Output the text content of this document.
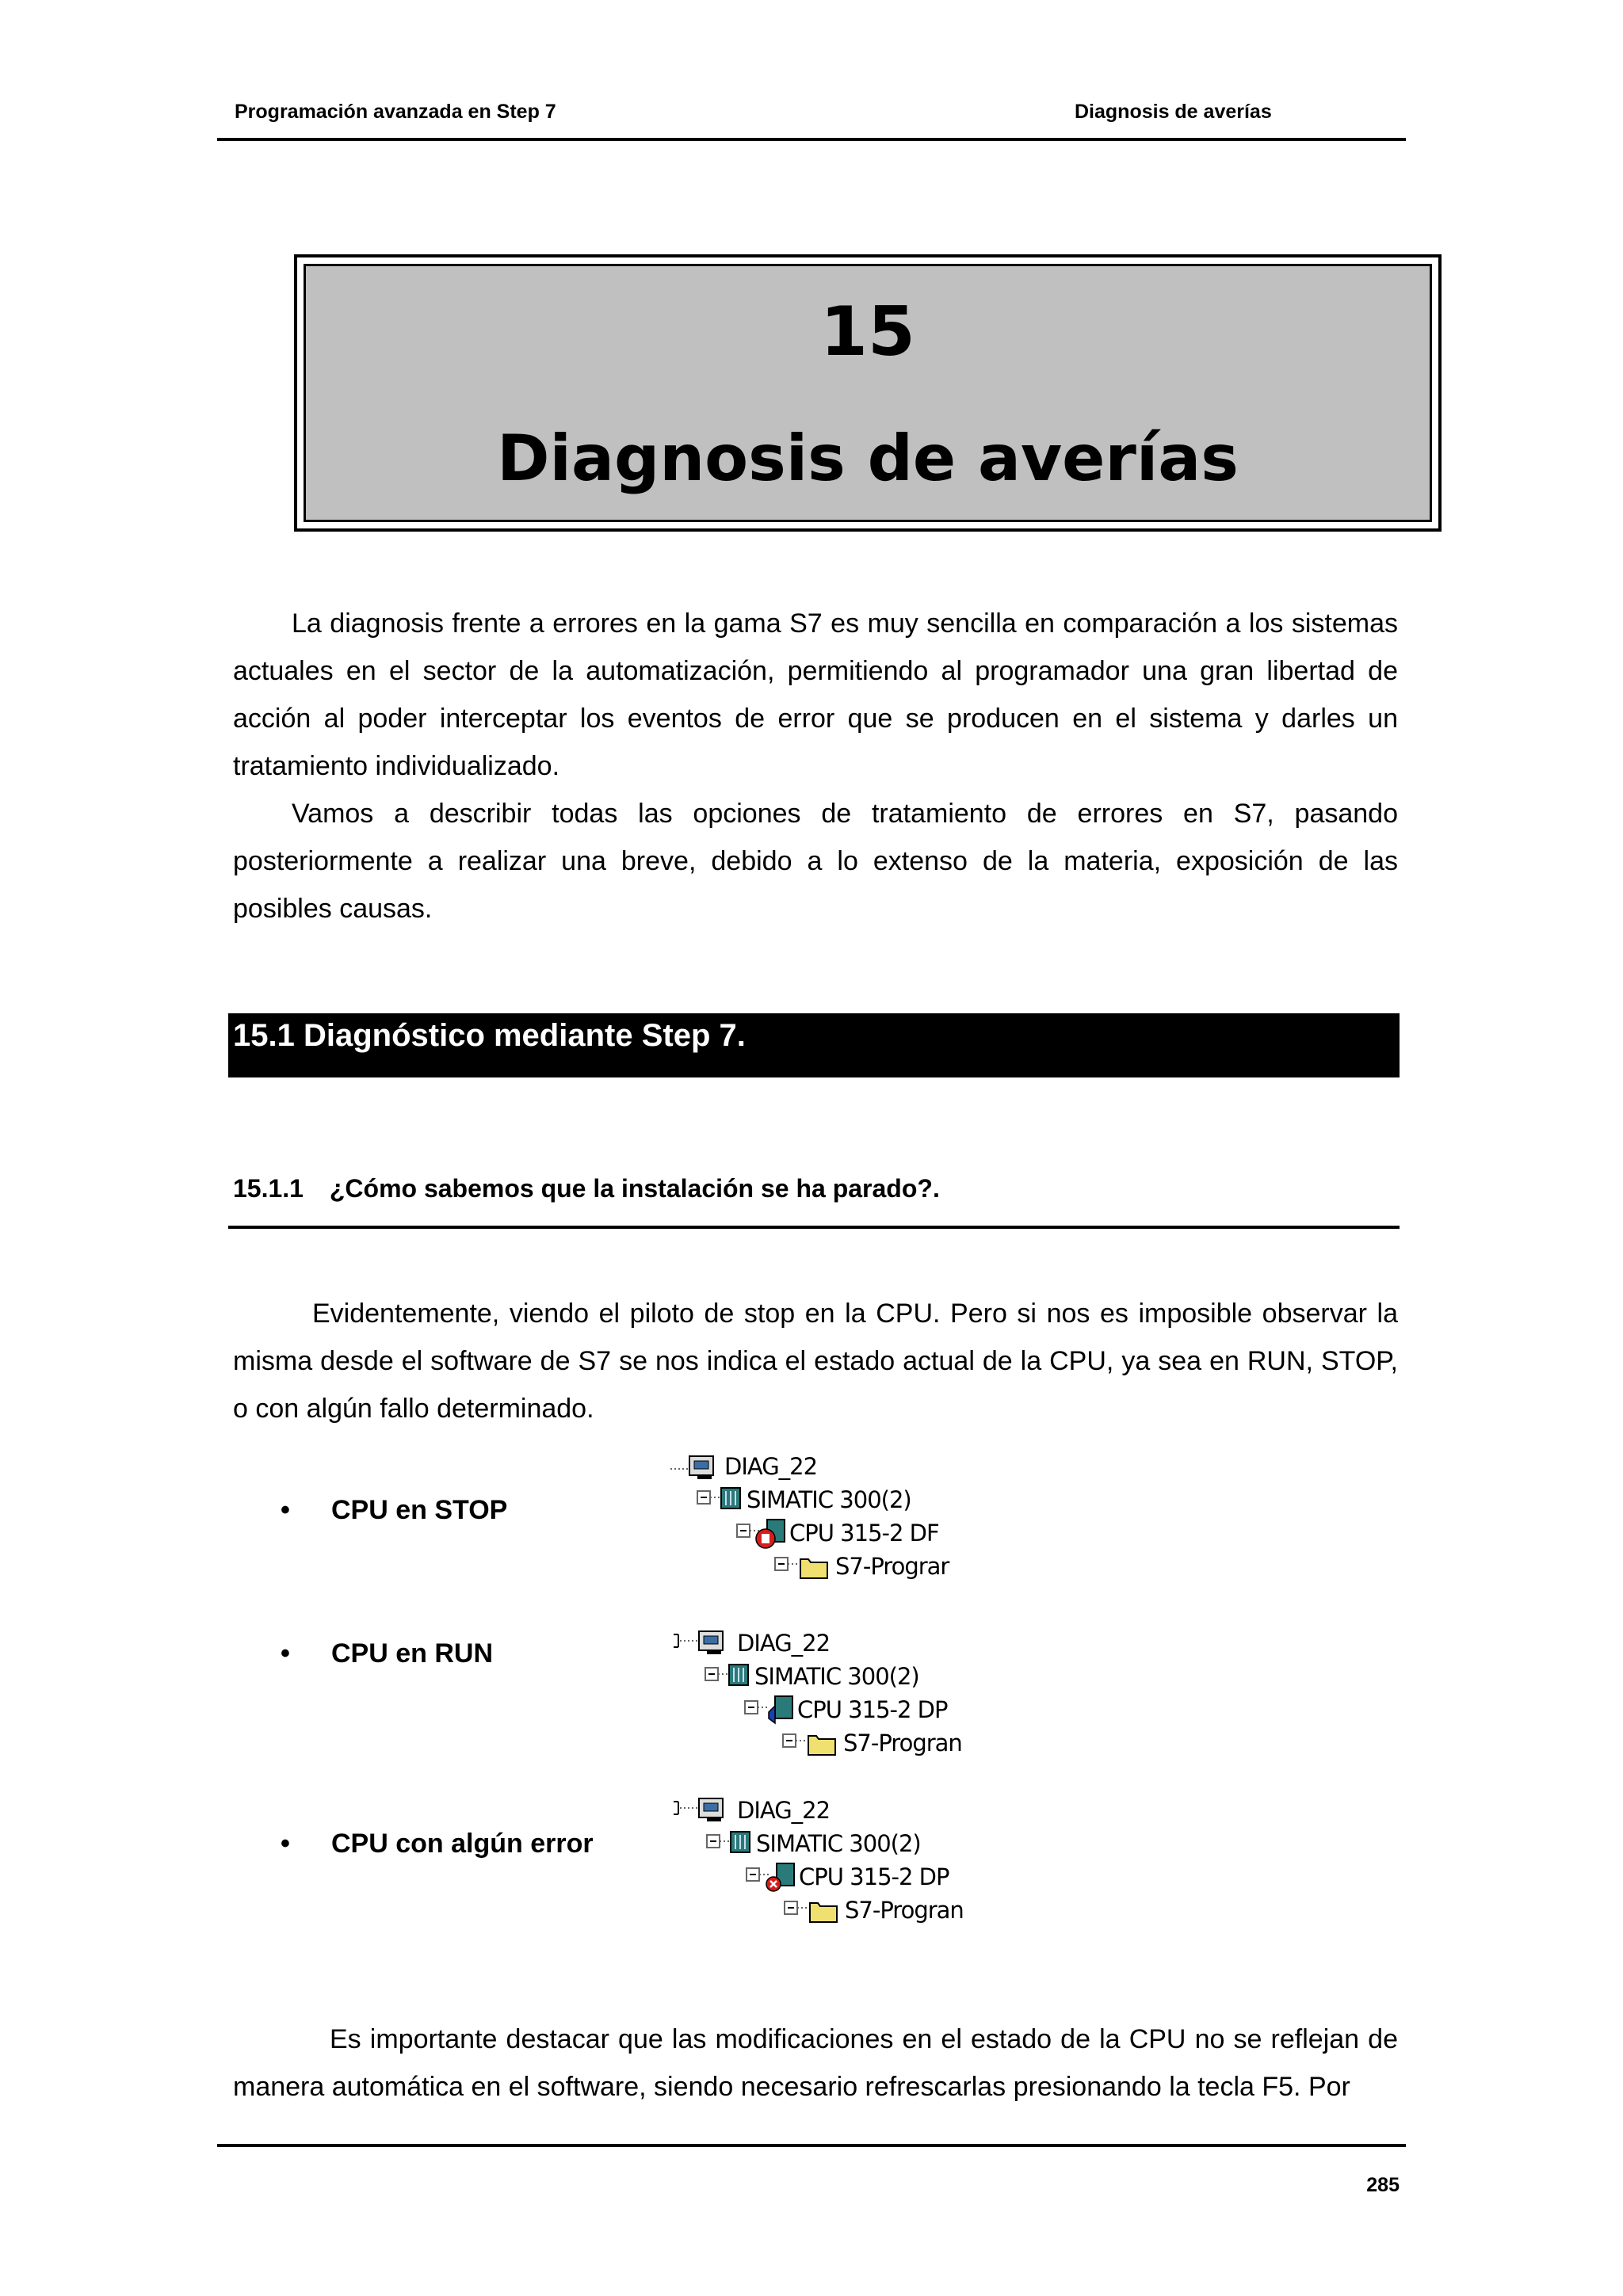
Programación avanzada en Step 7	Diagnosis de averías
15
Diagnosis de averías

La diagnosis frente a errores en la gama S7 es muy sencilla en comparación a los sistemas actuales en el sector de la automatización, permitiendo al programador una gran libertad de acción al poder interceptar los eventos de error que se producen en el sistema y darles un tratamiento individualizado.

Vamos a describir todas las opciones de tratamiento de errores en S7, pasando posteriormente a realizar una breve, debido a lo extenso de la materia, exposición de las posibles causas.

15.1 Diagnóstico mediante Step 7.
15.1.1 ¿Cómo sabemos que la instalación se ha parado?.

Evidentemente, viendo el piloto de stop en la CPU. Pero si nos es imposible observar la misma desde el software de S7 se nos indica el estado actual de la CPU, ya sea en RUN, STOP, o con algún fallo determinado.

• CPU en STOP
• CPU en RUN
• CPU con algún error
DIAG_22
SIMATIC 300(2)
CPU 315-2 DF
S7-Prograr
DIAG_22
SIMATIC 300(2)
CPU 315-2 DP
S7-Progran
DIAG_22
SIMATIC 300(2)
CPU 315-2 DP
S7-Progran

Es importante destacar que las modificaciones en el estado de la CPU no se reflejan de manera automática en el software, siendo necesario refrescarlas presionando la tecla F5. Por

285
